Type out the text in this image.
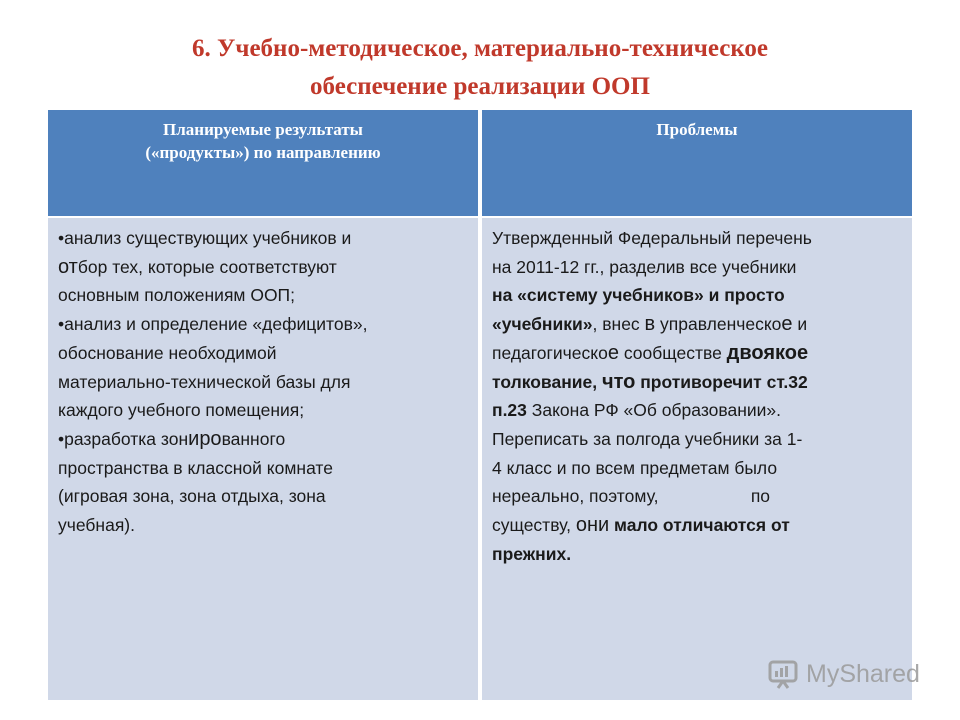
6. Учебно-методическое, материально-техническое
обеспечение реализации ООП
Планируемые результаты
(«продукты») по направлению
Проблемы
•анализ существующих учебников и
отбор тех, которые соответствуют
основным положениям ООП;
•анализ и определение «дефицитов»,
обоснование необходимой
материально-технической базы для
каждого учебного помещения;
•разработка зонированного
пространства в классной комнате
(игровая зона, зона отдыха, зона
учебная).
Утвержденный Федеральный перечень
на 2011-12 гг., разделив все учебники
на «систему учебников» и просто
«учебники», внес в управленческое и
педагогическое сообществе двоякое
толкование, что противоречит ст.32
п.23 Закона РФ «Об образовании».
Переписать за полгода учебники за 1-
4 класс и по всем предметам было
нереально, поэтому,                   по
существу, они мало отличаются от
прежних.
MyShared
